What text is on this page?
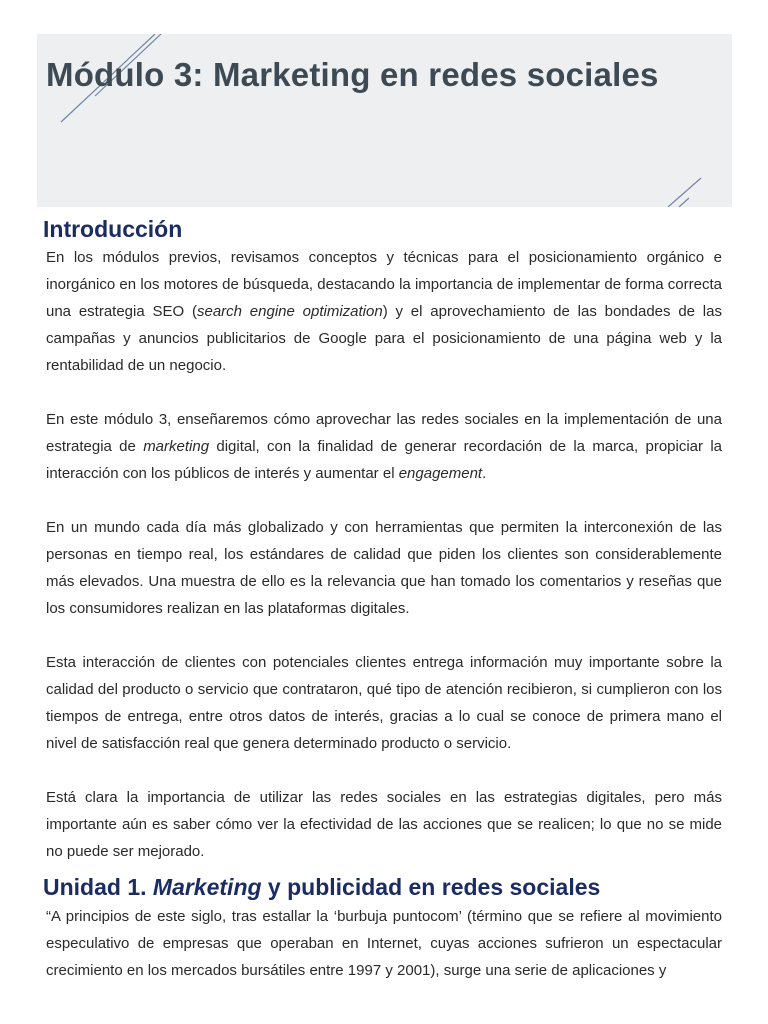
Módulo 3: Marketing en redes sociales
Introducción

En los módulos previos, revisamos conceptos y técnicas para el posicionamiento orgánico e inorgánico en los motores de búsqueda, destacando la importancia de implementar de forma correcta una estrategia SEO (search engine optimization) y el aprovechamiento de las bondades de las campañas y anuncios publicitarios de Google para el posicionamiento de una página web y la rentabilidad de un negocio.

En este módulo 3, enseñaremos cómo aprovechar las redes sociales en la implementación de una estrategia de marketing digital, con la finalidad de generar recordación de la marca, propiciar la interacción con los públicos de interés y aumentar el engagement.

En un mundo cada día más globalizado y con herramientas que permiten la interconexión de las personas en tiempo real, los estándares de calidad que piden los clientes son considerablemente más elevados. Una muestra de ello es la relevancia que han tomado los comentarios y reseñas que los consumidores realizan en las plataformas digitales.

Esta interacción de clientes con potenciales clientes entrega información muy importante sobre la calidad del producto o servicio que contrataron, qué tipo de atención recibieron, si cumplieron con los tiempos de entrega, entre otros datos de interés, gracias a lo cual se conoce de primera mano el nivel de satisfacción real que genera determinado producto o servicio.

Está clara la importancia de utilizar las redes sociales en las estrategias digitales, pero más importante aún es saber cómo ver la efectividad de las acciones que se realicen; lo que no se mide no puede ser mejorado.

Unidad 1. Marketing y publicidad en redes sociales

“A principios de este siglo, tras estallar la ‘burbuja puntocom’ (término que se refiere al movimiento especulativo de empresas que operaban en Internet, cuyas acciones sufrieron un espectacular crecimiento en los mercados bursátiles entre 1997 y 2001), surge una serie de aplicaciones y
